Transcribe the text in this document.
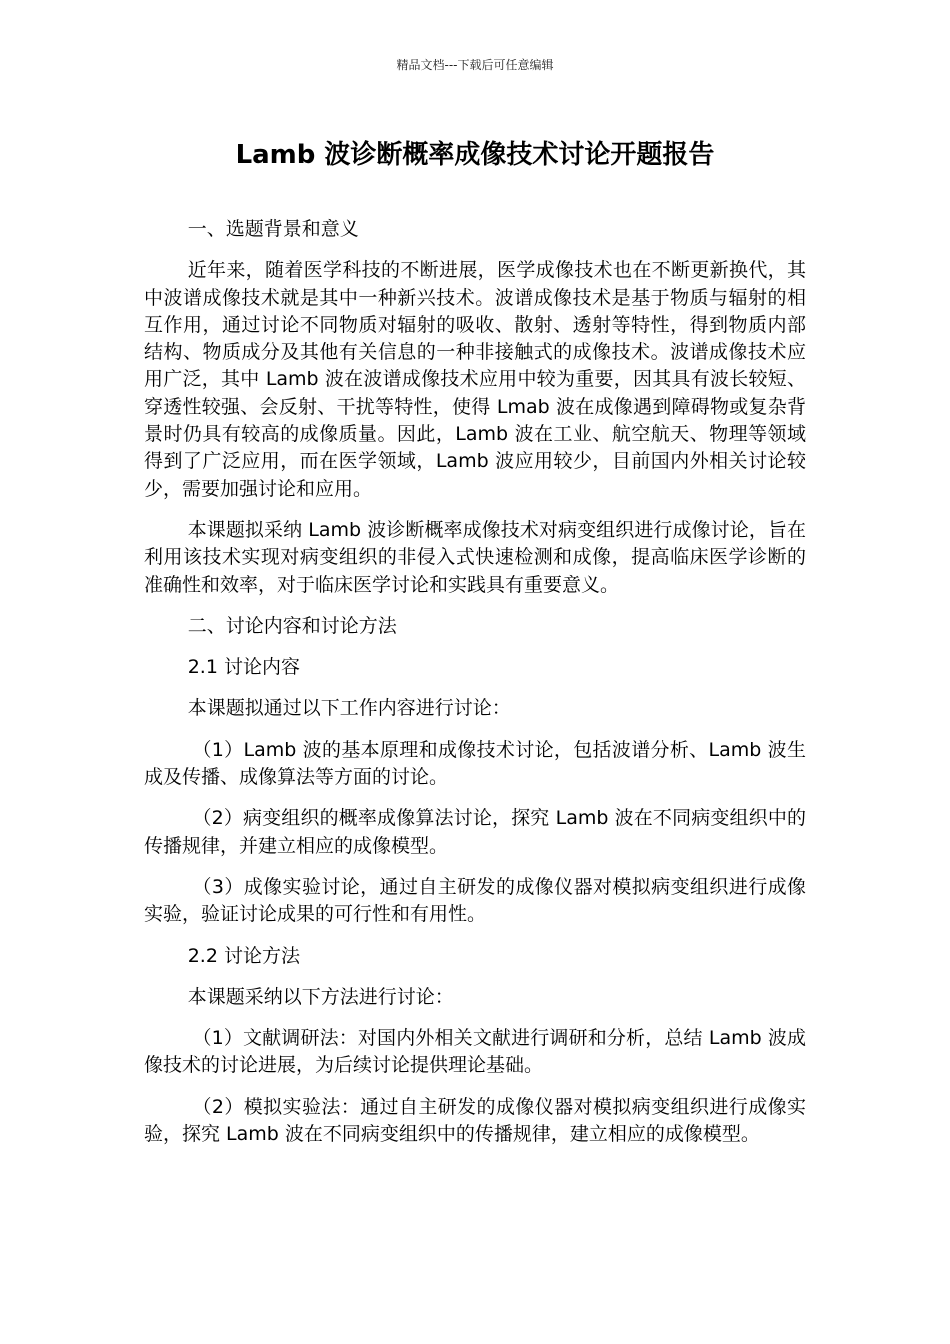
精品文档---下载后可任意编辑
Lamb 波诊断概率成像技术讨论开题报告

一、选题背景和意义

近年来，随着医学科技的不断进展，医学成像技术也在不断更新换代，其中波谱成像技术就是其中一种新兴技术。波谱成像技术是基于物质与辐射的相互作用，通过讨论不同物质对辐射的吸收、散射、透射等特性，得到物质内部结构、物质成分及其他有关信息的一种非接触式的成像技术。波谱成像技术应用广泛，其中 Lamb 波在波谱成像技术应用中较为重要，因其具有波长较短、穿透性较强、会反射、干扰等特性，使得 Lmab 波在成像遇到障碍物或复杂背景时仍具有较高的成像质量。因此，Lamb 波在工业、航空航天、物理等领域得到了广泛应用，而在医学领域，Lamb 波应用较少，目前国内外相关讨论较少，需要加强讨论和应用。

本课题拟采纳 Lamb 波诊断概率成像技术对病变组织进行成像讨论，旨在利用该技术实现对病变组织的非侵入式快速检测和成像，提高临床医学诊断的准确性和效率，对于临床医学讨论和实践具有重要意义。

二、讨论内容和讨论方法

2.1 讨论内容

本课题拟通过以下工作内容进行讨论：

（1）Lamb 波的基本原理和成像技术讨论，包括波谱分析、Lamb 波生成及传播、成像算法等方面的讨论。

（2）病变组织的概率成像算法讨论，探究 Lamb 波在不同病变组织中的传播规律，并建立相应的成像模型。

（3）成像实验讨论，通过自主研发的成像仪器对模拟病变组织进行成像实验，验证讨论成果的可行性和有用性。

2.2 讨论方法

本课题采纳以下方法进行讨论：

（1）文献调研法：对国内外相关文献进行调研和分析，总结 Lamb 波成像技术的讨论进展，为后续讨论提供理论基础。

（2）模拟实验法：通过自主研发的成像仪器对模拟病变组织进行成像实验，探究 Lamb 波在不同病变组织中的传播规律，建立相应的成像模型。
